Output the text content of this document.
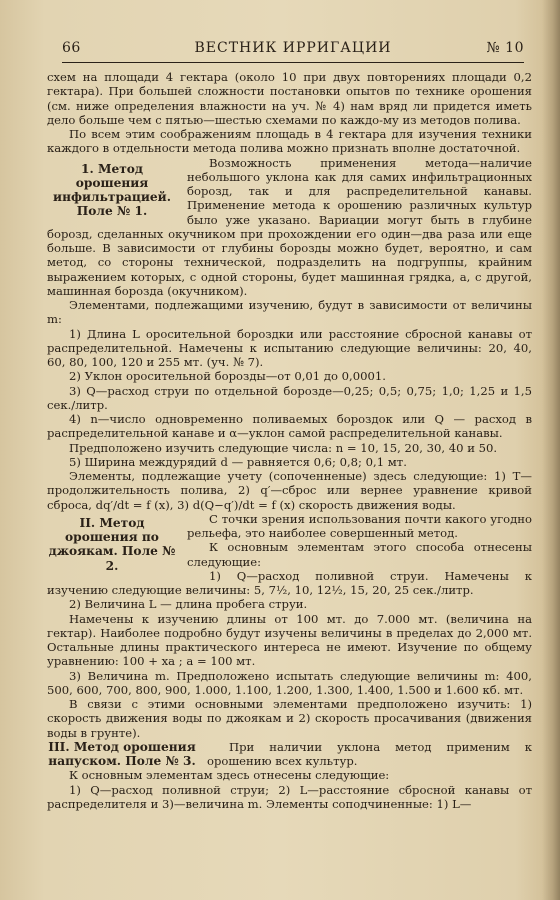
ВЕСТНИК ИРРИГАЦИИ
66	№ 10

схем на площади 4 гектара (около 10 при двух повторениях площади 0,2 гектара). При большей сложности постановки опытов по технике орошения (см. ниже определения влажности на уч. № 4) нам вряд ли придется иметь дело больше чем с пятью—шестью схемами по каждо-му из методов полива.

По всем этим соображениям площадь в 4 гектара для изучения техники каждого в отдельности метода полива можно признать вполне достаточной.

1. Метод орошения инфильтрацией. Поле № 1.

Возможность применения метода—наличие небольшого уклона как для самих инфильтрационных борозд, так и для распределительной канавы. Применение метода к орошению различных культур было уже указано. Вариации могут быть в глубине борозд, сделанных окучником при прохождении его один—два раза или еще больше. В зависимости от глубины борозды можно будет, вероятно, и сам метод, со стороны технической, подразделить на подгруппы, крайним выражением которых, с одной стороны, будет машинная грядка, а, с другой, машинная борозда (окучником).

Элементами, подлежащими изучению, будут в зависимости от величины m:

1) Длина L оросительной бороздки или расстояние сбросной канавы от распределительной. Намечены к испытанию следующие величины: 20, 40, 60, 80, 100, 120 и 255 мт. (уч. № 7).

2) Уклон оросительной борозды—от 0,01 до 0,0001.

3) Q—расход струи по отдельной борозде—0,25; 0,5; 0,75; 1,0; 1,25 и 1,5 сек./литр.

4) n—число одновременно поливаемых бороздок или Q — расход в распределительной канаве и α—уклон самой распределительной канавы.

Предположено изучить следующие числа: n = 10, 15, 20, 30, 40 и 50.

5) Ширина междурядий d — равняется 0,6; 0,8; 0,1 мт.

Элементы, подлежащие учету (сопоченненые) здесь следующие: 1) T—продолжительность полива, 2) q′—сброс или вернее уравнение кривой сброса, dq′/dt = f (x), 3) d(Q−q′)/dt = f (x) скорость движения воды.

II. Метод орошения по джоякам. Поле № 2.

С точки зрения использования почти какого угодно рельефа, это наиболее совершенный метод.

К основным элементам этого способа отнесены следующие:

1) Q—расход поливной струи. Намечены к изучению следующие величины: 5, 7½, 10, 12½, 15, 20, 25 сек./литр.

2) Величина L — длина пробега струи.

Намечены к изучению длины от 100 мт. до 7.000 мт. (величина на гектар). Наиболее подробно будут изучены величины в пределах до 2,000 мт. Остальные длины практического интереса не имеют. Изучение по общему уравнению: 100 + xa ; a = 100 мт.

3) Величина m. Предположено испытать следующие величины m: 400, 500, 600, 700, 800, 900, 1.000, 1.100, 1.200, 1.300, 1.400, 1.500 и 1.600 кб. мт.

В связи с этими основными элементами предположено изучить: 1) скорость движения воды по джоякам и 2) скорость просачивания (движения воды в грунте).

III. Метод орошения напуском. Поле № 3.

При наличии уклона метод применим к орошению всех культур.

К основным элементам здесь отнесены следующие:

1) Q—расход поливной струи; 2) L—расстояние сбросной канавы от распределителя и 3)—величина m. Элементы соподчиненные: 1) L—
